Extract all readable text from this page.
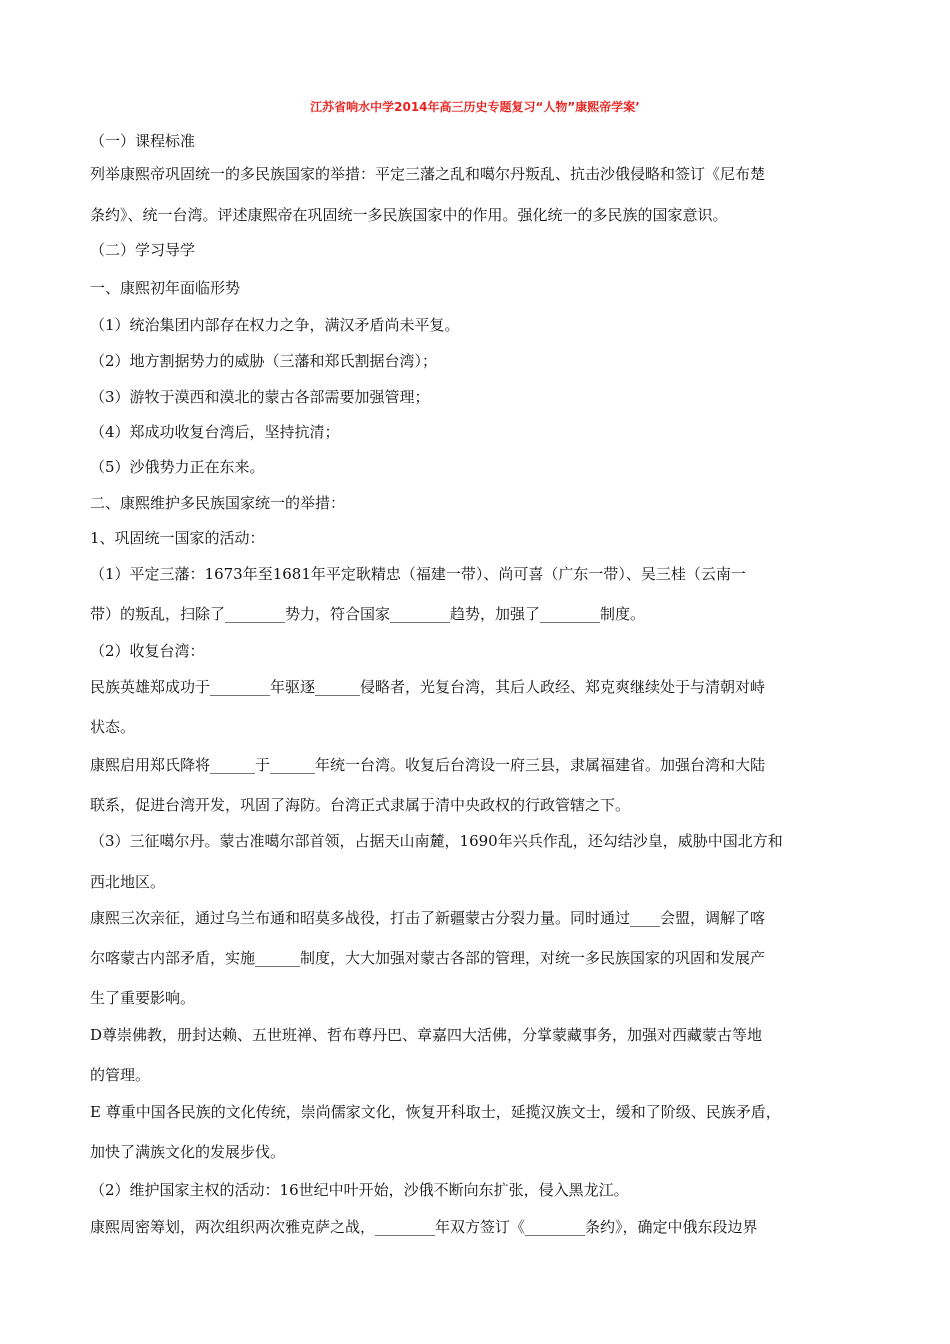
江苏省响水中学2014年高三历史专题复习“人物”康熙帝学案’
（一）课程标准
列举康熙帝巩固统一的多民族国家的举措：平定三藩之乱和噶尔丹叛乱、抗击沙俄侵略和签订《尼布楚
条约》、统一台湾。评述康熙帝在巩固统一多民族国家中的作用。强化统一的多民族的国家意识。
（二）学习导学
一、康熙初年面临形势
（1）统治集团内部存在权力之争，满汉矛盾尚未平复。
（2）地方割据势力的威胁（三藩和郑氏割据台湾）；
（3）游牧于漠西和漠北的蒙古各部需要加强管理；
（4）郑成功收复台湾后，坚持抗清；
（5）沙俄势力正在东来。
二、康熙维护多民族国家统一的举措：
1、巩固统一国家的活动：
（1）平定三藩：1673年至1681年平定耿精忠（福建一带）、尚可喜（广东一带）、吴三桂（云南一
带）的叛乱，扫除了________势力，符合国家________趋势，加强了________制度。
（2）收复台湾：
民族英雄郑成功于________年驱逐______侵略者，光复台湾，其后人政经、郑克爽继续处于与清朝对峙
状态。
康熙启用郑氏降将______于______年统一台湾。收复后台湾设一府三县，隶属福建省。加强台湾和大陆
联系，促进台湾开发，巩固了海防。台湾正式隶属于清中央政权的行政管辖之下。
（3）三征噶尔丹。蒙古准噶尔部首领，占据天山南麓，1690年兴兵作乱，还勾结沙皇，威胁中国北方和
西北地区。
康熙三次亲征，通过乌兰布通和昭莫多战役，打击了新疆蒙古分裂力量。同时通过____会盟，调解了喀
尔喀蒙古内部矛盾，实施______制度，大大加强对蒙古各部的管理，对统一多民族国家的巩固和发展产
生了重要影响。
D尊崇佛教，册封达赖、五世班禅、哲布尊丹巴、章嘉四大活佛，分掌蒙藏事务，加强对西藏蒙古等地
的管理。
E 尊重中国各民族的文化传统，崇尚儒家文化，恢复开科取士，延揽汉族文士，缓和了阶级、民族矛盾，
加快了满族文化的发展步伐。
（2）维护国家主权的活动：16世纪中叶开始，沙俄不断向东扩张，侵入黑龙江。
康熙周密筹划，两次组织两次雅克萨之战，________年双方签订《________条约》，确定中俄东段边界
